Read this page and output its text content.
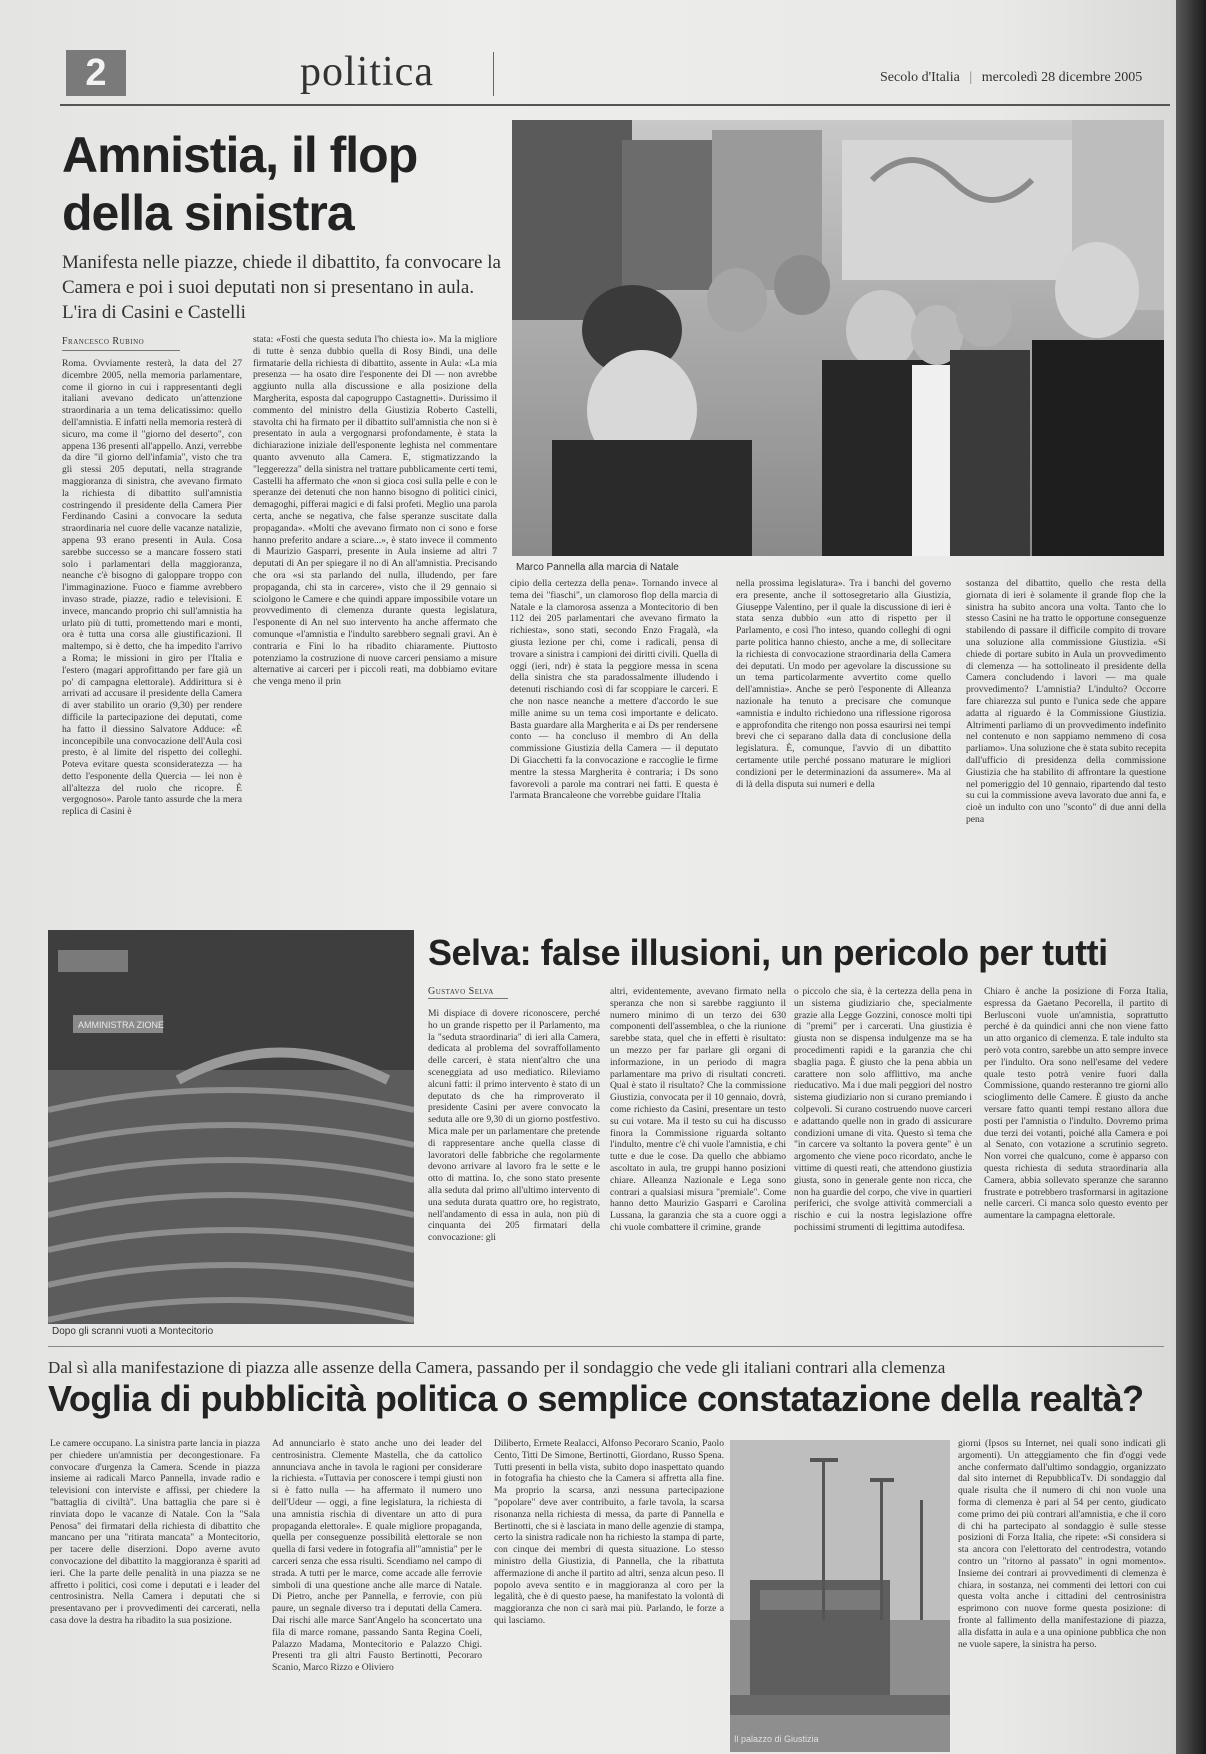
2	politica	Secolo d'Italia | mercoledì 28 dicembre 2005
Amnistia, il flop della sinistra

Manifesta nelle piazze, chiede il dibattito, fa convocare la Camera e poi i suoi deputati non si presentano in aula. L'ira di Casini e Castelli

Francesco Rubino

Roma. Ovviamente resterà, la data del 27 dicembre 2005, nella memoria parlamentare, come il giorno in cui i rappresentanti degli italiani avevano dedicato un'attenzione straordinaria a un tema delicatissimo: quello dell'amnistia. E infatti nella memoria resterà di sicuro, ma come il "giorno del deserto", con appena 136 presenti all'appello. Anzi, verrebbe da dire "il giorno dell'infamia", visto che tra gli stessi 205 deputati, nella stragrande maggioranza di sinistra, che avevano firmato la richiesta di dibattito sull'amnistia costringendo il presidente della Camera Pier Ferdinando Casini a convocare la seduta straordinaria nel cuore delle vacanze natalizie, appena 93 erano presenti in Aula. Cosa sarebbe successo se a mancare fossero stati solo i parlamentari della maggioranza, neanche c'è bisogno di galoppare troppo con l'immaginazione. Fuoco e fiamme avrebbero invaso strade, piazze, radio e televisioni. E invece, mancando proprio chi sull'amnistia ha urlato più di tutti, promettendo mari e monti, ora è tutta una corsa alle giustificazioni. Il maltempo, si è detto, che ha impedito l'arrivo a Roma; le missioni in giro per l'Italia e l'estero (magari approfittando per fare già un po' di campagna elettorale). Addirittura si è arrivati ad accusare il presidente della Camera di aver stabilito un orario (9,30) per rendere difficile la partecipazione dei deputati, come ha fatto il diessino Salvatore Adduce: «È inconcepibile una convocazione dell'Aula così presto, è al limite del rispetto dei colleghi. Poteva evitare questa sconsideratezza — ha detto l'esponente della Quercia — lei non è all'altezza del ruolo che ricopre. È vergognoso». Parole tanto assurde che la mera replica di Casini è

stata: «Fosti che questa seduta l'ho chiesta io». Ma la migliore di tutte è senza dubbio quella di Rosy Bindi, una delle firmatarie della richiesta di dibattito, assente in Aula: «La mia presenza — ha osato dire l'esponente dei Dl — non avrebbe aggiunto nulla alla discussione e alla posizione della Margherita, esposta dal capogruppo Castagnetti». Durissimo il commento del ministro della Giustizia Roberto Castelli, stavolta chi ha firmato per il dibattito sull'amnistia che non si è presentato in aula a vergognarsi profondamente, è stata la dichiarazione iniziale dell'esponente leghista nel commentare quanto avvenuto alla Camera. E, stigmatizzando la "leggerezza" della sinistra nel trattare pubblicamente certi temi, Castelli ha affermato che «non si gioca così sulla pelle e con le speranze dei detenuti che non hanno bisogno di politici cinici, demagoghi, pifferai magici e di falsi profeti. Meglio una parola certa, anche se negativa, che false speranze suscitate dalla propaganda». «Molti che avevano firmato non ci sono e forse hanno preferito andare a sciare...», è stato invece il commento di Maurizio Gasparri, presente in Aula insieme ad altri 7 deputati di An per spiegare il no di An all'amnistia. Precisando che ora «si sta parlando del nulla, illudendo, per fare propaganda, chi sta in carcere», visto che il 29 gennaio si sciolgono le Camere e che quindi appare impossibile votare un provvedimento di clemenza durante questa legislatura, l'esponente di An nel suo intervento ha anche affermato che comunque «l'amnistia e l'indulto sarebbero segnali gravi. An è contraria e Fini lo ha ribadito chiaramente. Piuttosto potenziamo la costruzione di nuove carceri pensiamo a misure alternative ai carceri per i piccoli reati, ma dobbiamo evitare che venga meno il prin

Marco Pannella alla marcia di Natale

cipio della certezza della pena». Tornando invece al tema dei "fiaschi", un clamoroso flop della marcia di Natale e la clamorosa assenza a Montecitorio di ben 112 dei 205 parlamentari che avevano firmato la richiesta», sono stati, secondo Enzo Fragalà, «la giusta lezione per chi, come i radicali, pensa di trovare a sinistra i campioni dei diritti civili. Quella di oggi (ieri, ndr) è stata la peggiore messa in scena della sinistra che sta paradossalmente illudendo i detenuti rischiando così di far scoppiare le carceri. E che non nasce neanche a mettere d'accordo le sue mille anime su un tema così importante e delicato. Basta guardare alla Margherita e ai Ds per rendersene conto — ha concluso il membro di An della commissione Giustizia della Camera — il deputato Di Giacchetti fa la convocazione e raccoglie le firme mentre la stessa Margherita è contraria; i Ds sono favorevoli a parole ma contrari nei fatti. E questa è l'armata Brancaleone che vorrebbe guidare l'Italia

nella prossima legislatura». Tra i banchi del governo era presente, anche il sottosegretario alla Giustizia, Giuseppe Valentino, per il quale la discussione di ieri è stata senza dubbio «un atto di rispetto per il Parlamento, e così l'ho inteso, quando colleghi di ogni parte politica hanno chiesto, anche a me, di sollecitare la richiesta di convocazione straordinaria della Camera dei deputati. Un modo per agevolare la discussione su un tema particolarmente avvertito come quello dell'amnistia». Anche se però l'esponente di Alleanza nazionale ha tenuto a precisare che comunque «amnistia e indulto richiedono una riflessione rigorosa e approfondita che ritengo non possa esaurirsi nei tempi brevi che ci separano dalla data di conclusione della legislatura. È, comunque, l'avvio di un dibattito certamente utile perché possano maturare le migliori condizioni per le determinazioni da assumere». Ma al di là della disputa sui numeri e della

sostanza del dibattito, quello che resta della giornata di ieri è solamente il grande flop che la sinistra ha subito ancora una volta. Tanto che lo stesso Casini ne ha tratto le opportune conseguenze stabilendo di passare il difficile compito di trovare una soluzione alla commissione Giustizia. «Si chiede di portare subito in Aula un provvedimento di clemenza — ha sottolineato il presidente della Camera concludendo i lavori — ma quale provvedimento? L'amnistia? L'indulto? Occorre fare chiarezza sul punto e l'unica sede che appare adatta al riguardo è la Commissione Giustizia. Altrimenti parliamo di un provvedimento indefinito nel contenuto e non sappiamo nemmeno di cosa parliamo». Una soluzione che è stata subito recepita dall'ufficio di presidenza della commissione Giustizia che ha stabilito di affrontare la questione nel pomeriggio del 10 gennaio, ripartendo dal testo su cui la commissione aveva lavorato due anni fa, e cioè un indulto con uno "sconto" di due anni della pena

AMMINISTRA ZIONE
Dopo gli scranni vuoti a Montecitorio
Selva: false illusioni, un pericolo per tutti
Gustavo Selva

Mi dispiace di dovere riconoscere, perché ho un grande rispetto per il Parlamento, ma la "seduta straordinaria" di ieri alla Camera, dedicata al problema del sovraffollamento delle carceri, è stata nient'altro che una sceneggiata ad uso mediatico. Rileviamo alcuni fatti: il primo intervento è stato di un deputato ds che ha rimproverato il presidente Casini per avere convocato la seduta alle ore 9,30 di un giorno postfestivo. Mica male per un parlamentare che pretende di rappresentare anche quella classe di lavoratori delle fabbriche che regolarmente devono arrivare al lavoro fra le sette e le otto di mattina. Io, che sono stato presente alla seduta dal primo all'ultimo intervento di una seduta durata quattro ore, ho registrato, nell'andamento di essa in aula, non più di cinquanta dei 205 firmatari della convocazione: gli

altri, evidentemente, avevano firmato nella speranza che non si sarebbe raggiunto il numero minimo di un terzo dei 630 componenti dell'assemblea, o che la riunione sarebbe stata, quel che in effetti è risultato: un mezzo per far parlare gli organi di informazione, in un periodo di magra parlamentare ma privo di risultati concreti. Qual è stato il risultato? Che la commissione Giustizia, convocata per il 10 gennaio, dovrà, come richiesto da Casini, presentare un testo su cui votare. Ma il testo su cui ha discusso finora la Commissione riguarda soltanto l'indulto, mentre c'è chi vuole l'amnistia, e chi tutte e due le cose. Da quello che abbiamo ascoltato in aula, tre gruppi hanno posizioni chiare. Alleanza Nazionale e Lega sono contrari a qualsiasi misura "premiale". Come hanno detto Maurizio Gasparri e Carolina Lussana, la garanzia che sta a cuore oggi a chi vuole combattere il crimine, grande

o piccolo che sia, è la certezza della pena in un sistema giudiziario che, specialmente grazie alla Legge Gozzini, conosce molti tipi di "premi" per i carcerati. Una giustizia è giusta non se dispensa indulgenze ma se ha procedimenti rapidi e la garanzia che chi sbaglia paga. È giusto che la pena abbia un carattere non solo afflittivo, ma anche rieducativo. Ma i due mali peggiori del nostro sistema giudiziario non si curano premiando i colpevoli. Si curano costruendo nuove carceri e adattando quelle non in grado di assicurare condizioni umane di vita. Questo sì tema che "in carcere va soltanto la povera gente" è un argomento che viene poco ricordato, anche le vittime di questi reati, che attendono giustizia giusta, sono in generale gente non ricca, che non ha guardie del corpo, che vive in quartieri periferici, che svolge attività commerciali a rischio e cui la nostra legislazione offre pochissimi strumenti di legittima autodifesa.

Chiaro è anche la posizione di Forza Italia, espressa da Gaetano Pecorella, il partito di Berlusconi vuole un'amnistia, soprattutto perché è da quindici anni che non viene fatto un atto organico di clemenza. E tale indulto sta però vota contro, sarebbe un atto sempre invece per l'indulto. Ora sono nell'esame del vedere quale testo potrà venire fuori dalla Commissione, quando resteranno tre giorni allo scioglimento delle Camere. È giusto da anche versare fatto quanti tempi restano allora due posti per l'amnistia o l'indulto. Dovremo prima due terzi dei votanti, poiché alla Camera e poi al Senato, con votazione a scrutinio segreto. Non vorrei che qualcuno, come è apparso con questa richiesta di seduta straordinaria alla Camera, abbia sollevato speranze che saranno frustrate e potrebbero trasformarsi in agitazione nelle carceri. Ci manca solo questo evento per aumentare la campagna elettorale.

Dal sì alla manifestazione di piazza alle assenze della Camera, passando per il sondaggio che vede gli italiani contrari alla clemenza
Voglia di pubblicità politica o semplice constatazione della realtà?

Le camere occupano. La sinistra parte lancia in piazza per chiedere un'amnistia per decongestionare. Fa convocare d'urgenza la Camera. Scende in piazza insieme ai radicali Marco Pannella, invade radio e televisioni con interviste e affissi, per chiedere la "battaglia di civiltà". Una battaglia che pare si è rinviata dopo le vacanze di Natale. Con la "Sala Penosa" dei firmatari della richiesta di dibattito che mancano per una "ritirata mancata" a Montecitorio, per tacere delle diserzioni. Dopo averne avuto convocazione del dibattito la maggioranza è spariti ad ieri. Che la parte delle penalità in una piazza se ne affretto i politici, così come i deputati e i leader del centrosinistra. Nella Camera i deputati che si presentavano per i provvedimenti dei carcerati, nella casa dove la destra ha ribadito la sua posizione.

Ad annunciarlo è stato anche uno dei leader del centrosinistra. Clemente Mastella, che da cattolico annunciava anche in tavola le ragioni per considerare la richiesta. «Tuttavia per conoscere i tempi giusti non si è fatto nulla — ha affermato il numero uno dell'Udeur — oggi, a fine legislatura, la richiesta di una amnistia rischia di diventare un atto di pura propaganda elettorale». E quale migliore propaganda, quella per conseguenze possibilità elettorale se non quella di farsi vedere in fotografia all'"amnistia" per le carceri senza che essa risulti. Scendiamo nel campo di strada. A tutti per le marce, come accade alle ferrovie simboli di una questione anche alle marce di Natale. Di Pietro, anche per Pannella, e ferrovie, con più paure, un segnale diverso tra i deputati della Camera. Dai rischi alle marce Sant'Angelo ha sconcertato una fila di marce romane, passando Santa Regina Coeli, Palazzo Madama, Montecitorio e Palazzo Chigi. Presenti tra gli altri Fausto Bertinotti, Pecoraro Scanio, Marco Rizzo e Oliviero

Diliberto, Ermete Realacci, Alfonso Pecoraro Scanio, Paolo Cento, Titti De Simone, Bertinotti, Giordano, Russo Spena. Tutti presenti in bella vista, subito dopo inaspettato quando in fotografia ha chiesto che la Camera si affretta alla fine. Ma proprio la scarsa, anzi nessuna partecipazione "popolare" deve aver contribuito, a farle tavola, la scarsa risonanza nella richiesta di messa, da parte di Pannella e Bertinotti, che si è lasciata in mano delle agenzie di stampa, certo la sinistra radicale non ha richiesto la stampa di parte, con cinque dei membri di questa situazione. Lo stesso ministro della Giustizia, di Pannella, che la ribattuta affermazione di anche il partito ad altri, senza alcun peso. Il popolo aveva sentito e in maggioranza al coro per la legalità, che è di questo paese, ha manifestato la volontà di maggioranza che non ci sarà mai più. Parlando, le forze a qui lasciamo.

Il palazzo di Giustizia

giorni (Ipsos su Internet, nei quali sono indicati gli argomenti). Un atteggiamento che fin d'oggi vede anche confermato dall'ultimo sondaggio, organizzato dal sito internet di RepubblicaTv. Di sondaggio dal quale risulta che il numero di chi non vuole una forma di clemenza è pari al 54 per cento, giudicato come primo dei più contrari all'amnistia, e che il coro di chi ha partecipato al sondaggio è sulle stesse posizioni di Forza Italia, che ripete: «Si considera si sta ancora con l'elettorato del centrodestra, votando contro un "ritorno al passato" in ogni momento». Insieme dei contrari ai provvedimenti di clemenza è chiara, in sostanza, nei commenti dei lettori con cui questa volta anche i cittadini del centrosinistra esprimono con nuove forme questa posizione: di fronte al fallimento della manifestazione di piazza, alla disfatta in aula e a una opinione pubblica che non ne vuole sapere, la sinistra ha perso.
